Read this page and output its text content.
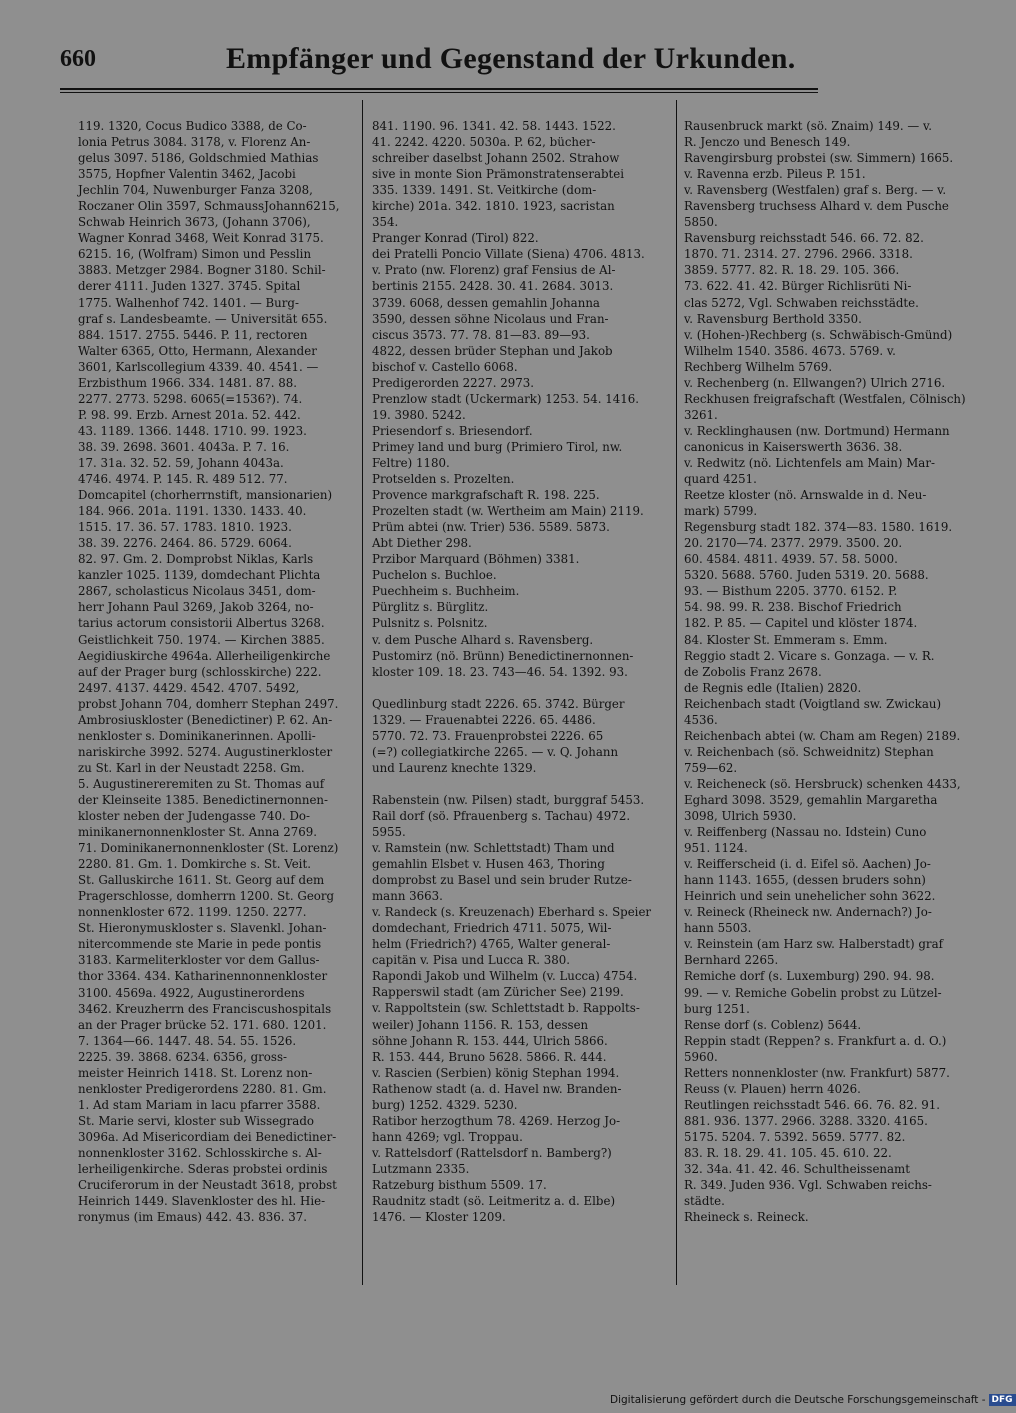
660	Empfänger und Gegenstand der Urkunden.
119. 1320, Cocus Budico 3388, de Co-
lonia Petrus 3084. 3178, v. Florenz An-
gelus 3097. 5186, Goldschmied Mathias
3575, Hopfner Valentin 3462, Jacobi
Jechlin 704, Nuwenburger Fanza 3208,
Roczaner Olin 3597, SchmaussJohann6215,
Schwab Heinrich 3673, (Johann 3706),
Wagner Konrad 3468, Weit Konrad 3175.
6215. 16, (Wolfram) Simon und Pesslin
3883. Metzger 2984. Bogner 3180. Schil-
derer 4111. Juden 1327. 3745. Spital
1775. Walhenhof 742. 1401. — Burg-
graf s. Landesbeamte. — Universität 655.
884. 1517. 2755. 5446. P. 11, rectoren
Walter 6365, Otto, Hermann, Alexander
3601, Karlscollegium 4339. 40. 4541. —
Erzbisthum 1966. 334. 1481. 87. 88.
2277. 2773. 5298. 6065(=1536?). 74.
P. 98. 99. Erzb. Arnest 201a. 52. 442.
43. 1189. 1366. 1448. 1710. 99. 1923.
38. 39. 2698. 3601. 4043a. P. 7. 16.
17. 31a. 32. 52. 59, Johann 4043a.
4746. 4974. P. 145. R. 489 512. 77.
Domcapitel (chorherrnstift, mansionarien)
184. 966. 201a. 1191. 1330. 1433. 40.
1515. 17. 36. 57. 1783. 1810. 1923.
38. 39. 2276. 2464. 86. 5729. 6064.
82. 97. Gm. 2. Domprobst Niklas, Karls
kanzler 1025. 1139, domdechant Plichta
2867, scholasticus Nicolaus 3451, dom-
herr Johann Paul 3269, Jakob 3264, no-
tarius actorum consistorii Albertus 3268.
Geistlichkeit 750. 1974. — Kirchen 3885.
Aegidiuskirche 4964a. Allerheiligenkirche
auf der Prager burg (schlosskirche) 222.
2497. 4137. 4429. 4542. 4707. 5492,
probst Johann 704, domherr Stephan 2497.
Ambrosiuskloster (Benedictiner) P. 62. An-
nenkloster s. Dominikanerinnen. Apolli-
nariskirche 3992. 5274. Augustinerkloster
zu St. Karl in der Neustadt 2258. Gm.
5. Augustinereremiten zu St. Thomas auf
der Kleinseite 1385. Benedictinernonnen-
kloster neben der Judengasse 740. Do-
minikanernonnenkloster St. Anna 2769.
71. Dominikanernonnenkloster (St. Lorenz)
2280. 81. Gm. 1. Domkirche s. St. Veit.
St. Galluskirche 1611. St. Georg auf dem
Pragerschlosse, domherrn 1200. St. Georg
nonnenkloster 672. 1199. 1250. 2277.
St. Hieronymuskloster s. Slavenkl. Johan-
nitercommende ste Marie in pede pontis
3183. Karmeliterkloster vor dem Gallus-
thor 3364. 434. Katharinennonnenkloster
3100. 4569a. 4922, Augustinerordens
3462. Kreuzherrn des Franciscushospitals
an der Prager brücke 52. 171. 680. 1201.
7. 1364—66. 1447. 48. 54. 55. 1526.
2225. 39. 3868. 6234. 6356, gross-
meister Heinrich 1418. St. Lorenz non-
nenkloster Predigerordens 2280. 81. Gm.
1. Ad stam Mariam in lacu pfarrer 3588.
St. Marie servi, kloster sub Wissegrado
3096a. Ad Misericordiam dei Benedictiner-
nonnenkloster 3162. Schlosskirche s. Al-
lerheiligenkirche. Sderas probstei ordinis
Cruciferorum in der Neustadt 3618, probst
Heinrich 1449. Slavenkloster des hl. Hie-
ronymus (im Emaus) 442. 43. 836. 37.
841. 1190. 96. 1341. 42. 58. 1443. 1522.
41. 2242. 4220. 5030a. P. 62, bücher-
schreiber daselbst Johann 2502. Strahow
sive in monte Sion Prämonstratenserabtei
335. 1339. 1491. St. Veitkirche (dom-
kirche) 201a. 342. 1810. 1923, sacristan
354.
Pranger Konrad (Tirol) 822.
dei Pratelli Poncio Villate (Siena) 4706. 4813.
v. Prato (nw. Florenz) graf Fensius de Al-
bertinis 2155. 2428. 30. 41. 2684. 3013.
3739. 6068, dessen gemahlin Johanna
3590, dessen söhne Nicolaus und Fran-
ciscus 3573. 77. 78. 81—83. 89—93.
4822, dessen brüder Stephan und Jakob
bischof v. Castello 6068.
Predigerorden 2227. 2973.
Prenzlow stadt (Uckermark) 1253. 54. 1416.
19. 3980. 5242.
Priesendorf s. Briesendorf.
Primey land und burg (Primiero Tirol, nw.
Feltre) 1180.
Protselden s. Prozelten.
Provence markgrafschaft R. 198. 225.
Prozelten stadt (w. Wertheim am Main) 2119.
Prüm abtei (nw. Trier) 536. 5589. 5873.
Abt Diether 298.
Przibor Marquard (Böhmen) 3381.
Puchelon s. Buchloe.
Puechheim s. Buchheim.
Pürglitz s. Bürglitz.
Pulsnitz s. Polsnitz.
v. dem Pusche Alhard s. Ravensberg.
Pustomirz (nö. Brünn) Benedictinernonnen-
kloster 109. 18. 23. 743—46. 54. 1392. 93.
Quedlinburg stadt 2226. 65. 3742. Bürger
1329. — Frauenabtei 2226. 65. 4486.
5770. 72. 73. Frauenprobstei 2226. 65
(=?) collegiatkirche 2265. — v. Q. Johann
und Laurenz knechte 1329.
Rabenstein (nw. Pilsen) stadt, burggraf 5453.
Rail dorf (sö. Pfrauenberg s. Tachau) 4972.
5955.
v. Ramstein (nw. Schlettstadt) Tham und
gemahlin Elsbet v. Husen 463, Thoring
domprobst zu Basel und sein bruder Rutze-
mann 3663.
v. Randeck (s. Kreuzenach) Eberhard s. Speier
domdechant, Friedrich 4711. 5075, Wil-
helm (Friedrich?) 4765, Walter general-
capitän v. Pisa und Lucca R. 380.
Rapondi Jakob und Wilhelm (v. Lucca) 4754.
Rapperswil stadt (am Züricher See) 2199.
v. Rappoltstein (sw. Schlettstadt b. Rappolts-
weiler) Johann 1156. R. 153, dessen
söhne Johann R. 153. 444, Ulrich 5866.
R. 153. 444, Bruno 5628. 5866. R. 444.
v. Rascien (Serbien) könig Stephan 1994.
Rathenow stadt (a. d. Havel nw. Branden-
burg) 1252. 4329. 5230.
Ratibor herzogthum 78. 4269. Herzog Jo-
hann 4269; vgl. Troppau.
v. Rattelsdorf (Rattelsdorf n. Bamberg?)
Lutzmann 2335.
Ratzeburg bisthum 5509. 17.
Raudnitz stadt (sö. Leitmeritz a. d. Elbe)
1476. — Kloster 1209.
Rausenbruck markt (sö. Znaim) 149. — v.
R. Jenczo und Benesch 149.
Ravengirsburg probstei (sw. Simmern) 1665.
v. Ravenna erzb. Pileus P. 151.
v. Ravensberg (Westfalen) graf s. Berg. — v.
Ravensberg truchsess Alhard v. dem Pusche
5850.
Ravensburg reichsstadt 546. 66. 72. 82.
1870. 71. 2314. 27. 2796. 2966. 3318.
3859. 5777. 82. R. 18. 29. 105. 366.
73. 622. 41. 42. Bürger Richlisrüti Ni-
clas 5272, Vgl. Schwaben reichsstädte.
v. Ravensburg Berthold 3350.
v. (Hohen-)Rechberg (s. Schwäbisch-Gmünd)
Wilhelm 1540. 3586. 4673. 5769. v.
Rechberg Wilhelm 5769.
v. Rechenberg (n. Ellwangen?) Ulrich 2716.
Reckhusen freigrafschaft (Westfalen, Cölnisch)
3261.
v. Recklinghausen (nw. Dortmund) Hermann
canonicus in Kaiserswerth 3636. 38.
v. Redwitz (nö. Lichtenfels am Main) Mar-
quard 4251.
Reetze kloster (nö. Arnswalde in d. Neu-
mark) 5799.
Regensburg stadt 182. 374—83. 1580. 1619.
20. 2170—74. 2377. 2979. 3500. 20.
60. 4584. 4811. 4939. 57. 58. 5000.
5320. 5688. 5760. Juden 5319. 20. 5688.
93. — Bisthum 2205. 3770. 6152. P.
54. 98. 99. R. 238. Bischof Friedrich
182. P. 85. — Capitel und klöster 1874.
84. Kloster St. Emmeram s. Emm.
Reggio stadt 2. Vicare s. Gonzaga. — v. R.
de Zobolis Franz 2678.
de Regnis edle (Italien) 2820.
Reichenbach stadt (Voigtland sw. Zwickau)
4536.
Reichenbach abtei (w. Cham am Regen) 2189.
v. Reichenbach (sö. Schweidnitz) Stephan
759—62.
v. Reicheneck (sö. Hersbruck) schenken 4433,
Eghard 3098. 3529, gemahlin Margaretha
3098, Ulrich 5930.
v. Reiffenberg (Nassau no. Idstein) Cuno
951. 1124.
v. Reifferscheid (i. d. Eifel sö. Aachen) Jo-
hann 1143. 1655, (dessen bruders sohn)
Heinrich und sein unehelicher sohn 3622.
v. Reineck (Rheineck nw. Andernach?) Jo-
hann 5503.
v. Reinstein (am Harz sw. Halberstadt) graf
Bernhard 2265.
Remiche dorf (s. Luxemburg) 290. 94. 98.
99. — v. Remiche Gobelin probst zu Lützel-
burg 1251.
Rense dorf (s. Coblenz) 5644.
Reppin stadt (Reppen? s. Frankfurt a. d. O.)
5960.
Retters nonnenkloster (nw. Frankfurt) 5877.
Reuss (v. Plauen) herrn 4026.
Reutlingen reichsstadt 546. 66. 76. 82. 91.
881. 936. 1377. 2966. 3288. 3320. 4165.
5175. 5204. 7. 5392. 5659. 5777. 82.
83. R. 18. 29. 41. 105. 45. 610. 22.
32. 34a. 41. 42. 46. Schultheissenamt
R. 349. Juden 936. Vgl. Schwaben reichs-
städte.
Rheineck s. Reineck.
Digitalisierung gefördert durch die Deutsche Forschungsgemeinschaft - DFG
